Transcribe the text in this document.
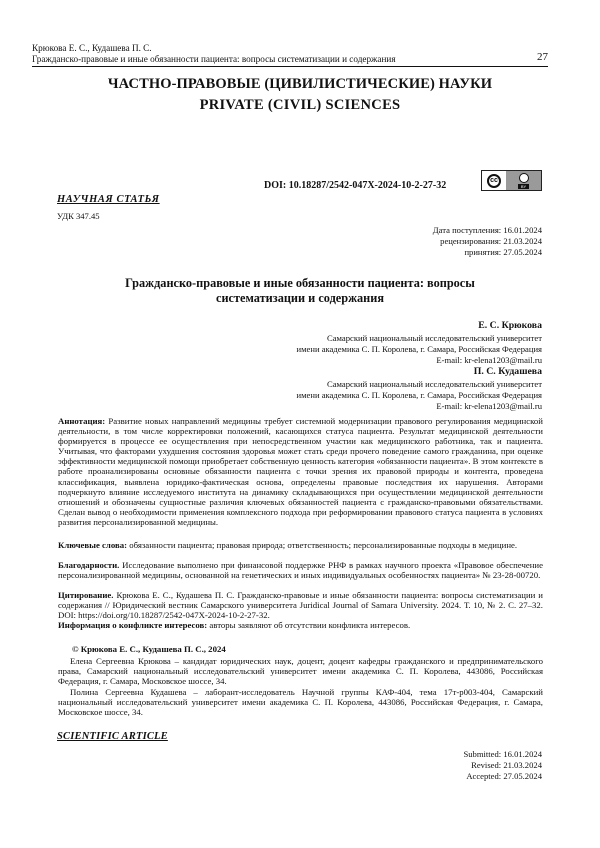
Крюкова Е. С., Кудашева П. С.
Гражданско-правовые и иные обязанности пациента: вопросы систематизации и содержания	27
ЧАСТНО-ПРАВОВЫЕ (ЦИВИЛИСТИЧЕСКИЕ) НАУКИ
PRIVATE (CIVIL) SCIENCES
DOI: 10.18287/2542-047X-2024-10-2-27-32	cc
BY
НАУЧНАЯ СТАТЬЯ
УДК 347.45
Дата поступления: 16.01.2024
рецензирования: 21.03.2024
принятия: 27.05.2024
Гражданско-правовые и иные обязанности пациента: вопросы
систематизации и содержания
Е. С. Крюкова
Самарский национальный исследовательский университет
имени академика С. П. Королева, г. Самара, Российская Федерация
E-mail: kr-elena1203@mail.ru
П. С. Кудашева
Самарский национальный исследовательский университет
имени академика С. П. Королева, г. Самара, Российская Федерация
E-mail: kr-elena1203@mail.ru
Аннотация: Развитие новых направлений медицины требует системной модернизации правового регулирования медицинской деятельности, в том числе корректировки положений, касающихся статуса пациента. Результат медицинской деятельности формируется в процессе ее осуществления при непосредственном участии как медицинского работника, так и пациента. Учитывая, что факторами ухудшения состояния здоровья может стать среди прочего поведение самого гражданина, при оценке эффективности медицинской помощи приобретает собственную ценность категория «обязанности пациента». В этом контексте в работе проанализированы основные обязанности пациента с точки зрения их правовой природы и контента, проведена классификация, выявлена юридико-фактическая основа, определены правовые последствия их нарушения. Авторами подчеркнуто влияние исследуемого института на динамику складывающихся при осуществлении медицинской деятельности отношений и обозначены сущностные различия ключевых обязанностей пациента с гражданско-правовыми обязательствами. Сделан вывод о необходимости применения комплексного подхода при реформировании правового статуса пациента в условиях развития персонализированной медицины.
Ключевые слова: обязанности пациента; правовая природа; ответственность; персонализированные подходы в медицине.
Благодарности. Исследование выполнено при финансовой поддержке РНФ в рамках научного проекта «Правовое обеспечение персонализированной медицины, основанной на генетических и иных индивидуальных особенностях пациента» № 23-28-00720.
Цитирование. Крюкова Е. С., Кудашева П. С. Гражданско-правовые и иные обязанности пациента: вопросы систематизации и содержания // Юридический вестник Самарского университета Juridical Journal of Samara University. 2024. Т. 10, № 2. С. 27–32. DOI: https://doi.org/10.18287/2542-047X-2024-10-2-27-32.
Информация о конфликте интересов: авторы заявляют об отсутствии конфликта интересов.
© Крюкова Е. С., Кудашева П. С., 2024
Елена Сергеевна Крюкова – кандидат юридических наук, доцент, доцент кафедры гражданского и предпринимательского права, Самарский национальный исследовательский университет имени академика С. П. Королева, 443086, Российская Федерация, г. Самара, Московское шоссе, 34.
Полина Сергеевна Кудашева – лаборант-исследователь Научной группы КАФ-404, тема 17т-р003-404, Самарский национальный исследовательский университет имени академика С. П. Королева, 443086, Российская Федерация, г. Самара, Московское шоссе, 34.
SCIENTIFIC ARTICLE
Submitted: 16.01.2024
Revised: 21.03.2024
Accepted: 27.05.2024
